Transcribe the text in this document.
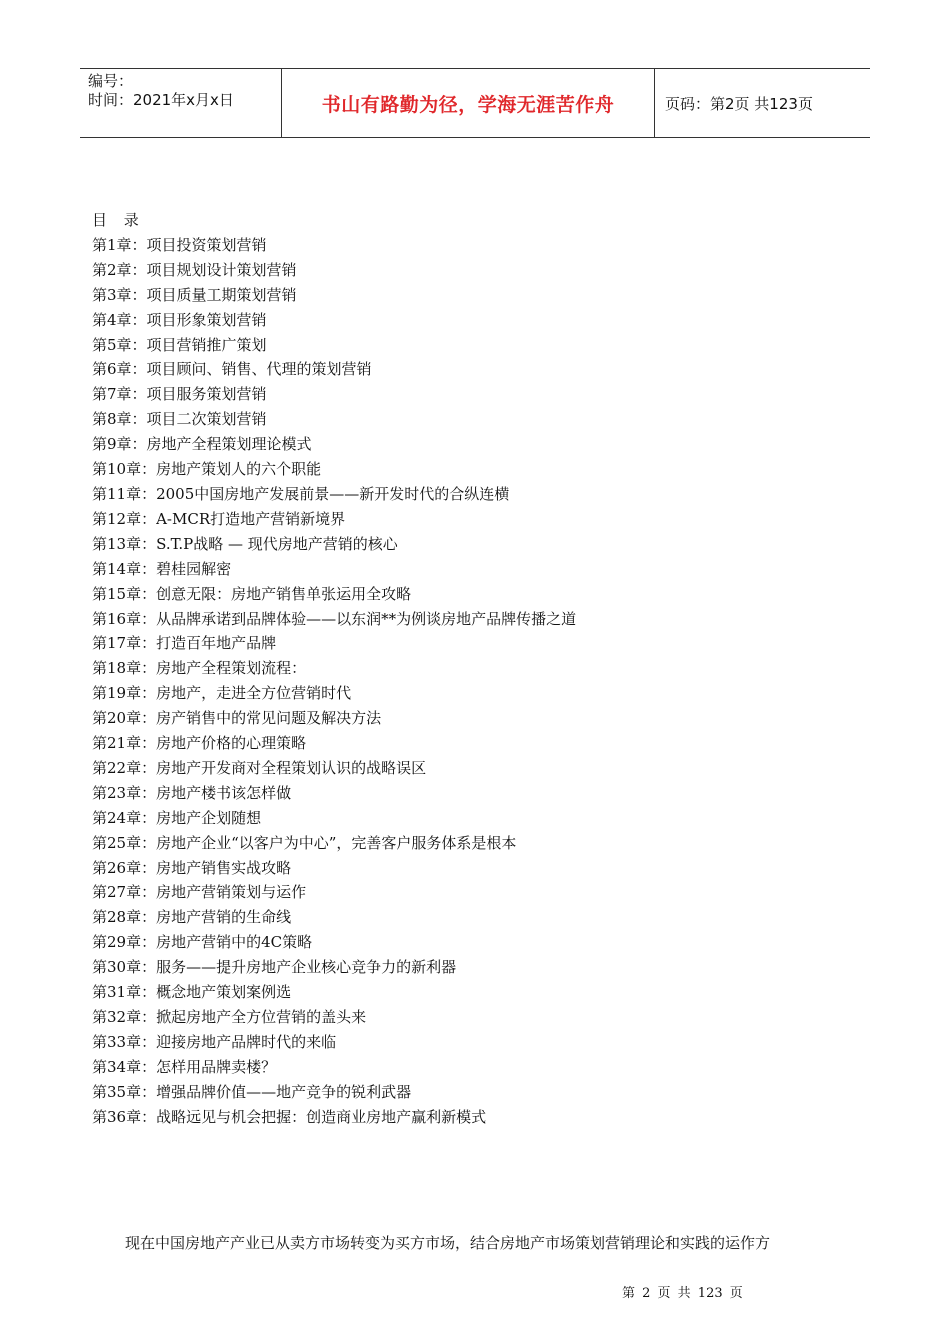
编号：
时间：2021年x月x日	书山有路勤为径，学海无涯苦作舟	页码：第2页 共123页
目 录
第1章：项目投资策划营销
第2章：项目规划设计策划营销
第3章：项目质量工期策划营销
第4章：项目形象策划营销
第5章：项目营销推广策划
第6章：项目顾问、销售、代理的策划营销
第7章：项目服务策划营销
第8章：项目二次策划营销
第9章：房地产全程策划理论模式
第10章：房地产策划人的六个职能
第11章：2005中国房地产发展前景——新开发时代的合纵连横
第12章：A-MCR打造地产营销新境界
第13章：S.T.P战略 — 现代房地产营销的核心
第14章：碧桂园解密
第15章：创意无限：房地产销售单张运用全攻略
第16章：从品牌承诺到品牌体验——以东润**为例谈房地产品牌传播之道
第17章：打造百年地产品牌
第18章：房地产全程策划流程：
第19章：房地产，走进全方位营销时代
第20章：房产销售中的常见问题及解决方法
第21章：房地产价格的心理策略
第22章：房地产开发商对全程策划认识的战略误区
第23章：房地产楼书该怎样做
第24章：房地产企划随想
第25章：房地产企业“以客户为中心”，完善客户服务体系是根本
第26章：房地产销售实战攻略
第27章：房地产营销策划与运作
第28章：房地产营销的生命线
第29章：房地产营销中的4C策略
第30章：服务——提升房地产企业核心竞争力的新利器
第31章：概念地产策划案例选
第32章：掀起房地产全方位营销的盖头来
第33章：迎接房地产品牌时代的来临
第34章：怎样用品牌卖楼？
第35章：增强品牌价值——地产竞争的锐利武器
第36章：战略远见与机会把握：创造商业房地产赢利新模式
现在中国房地产产业已从卖方市场转变为买方市场，结合房地产市场策划营销理论和实践的运作方
第 2 页 共 123 页
